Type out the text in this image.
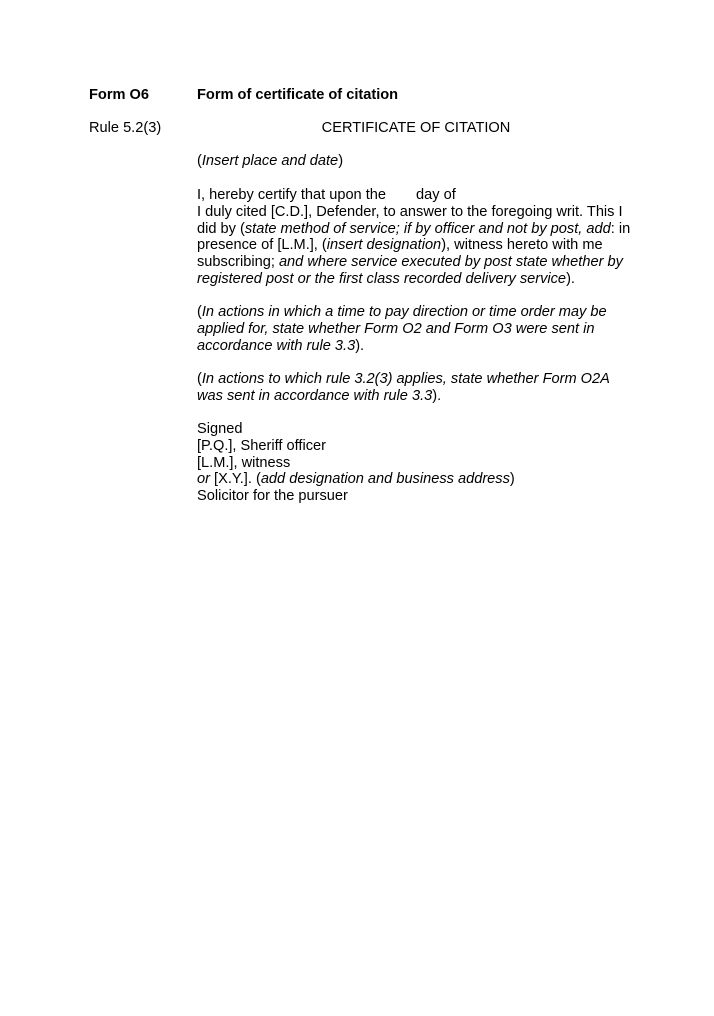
Form O6	Form of certificate of citation
Rule 5.2(3)	CERTIFICATE OF CITATION
(Insert place and date)
I, hereby certify that upon the day of

I duly cited [C.D.], Defender, to answer to the foregoing writ. This I did by (state method of service; if by officer and not by post, add: in presence of [L.M.], (insert designation), witness hereto with me subscribing; and where service executed by post state whether by registered post or the first class recorded delivery service).

(In actions in which a time to pay direction or time order may be applied for, state whether Form O2 and Form O3 were sent in accordance with rule 3.3).

(In actions to which rule 3.2(3) applies, state whether Form O2A was sent in accordance with rule 3.3).

Signed
[P.Q.], Sheriff officer
[L.M.], witness
or [X.Y.]. (add designation and business address)
Solicitor for the pursuer
